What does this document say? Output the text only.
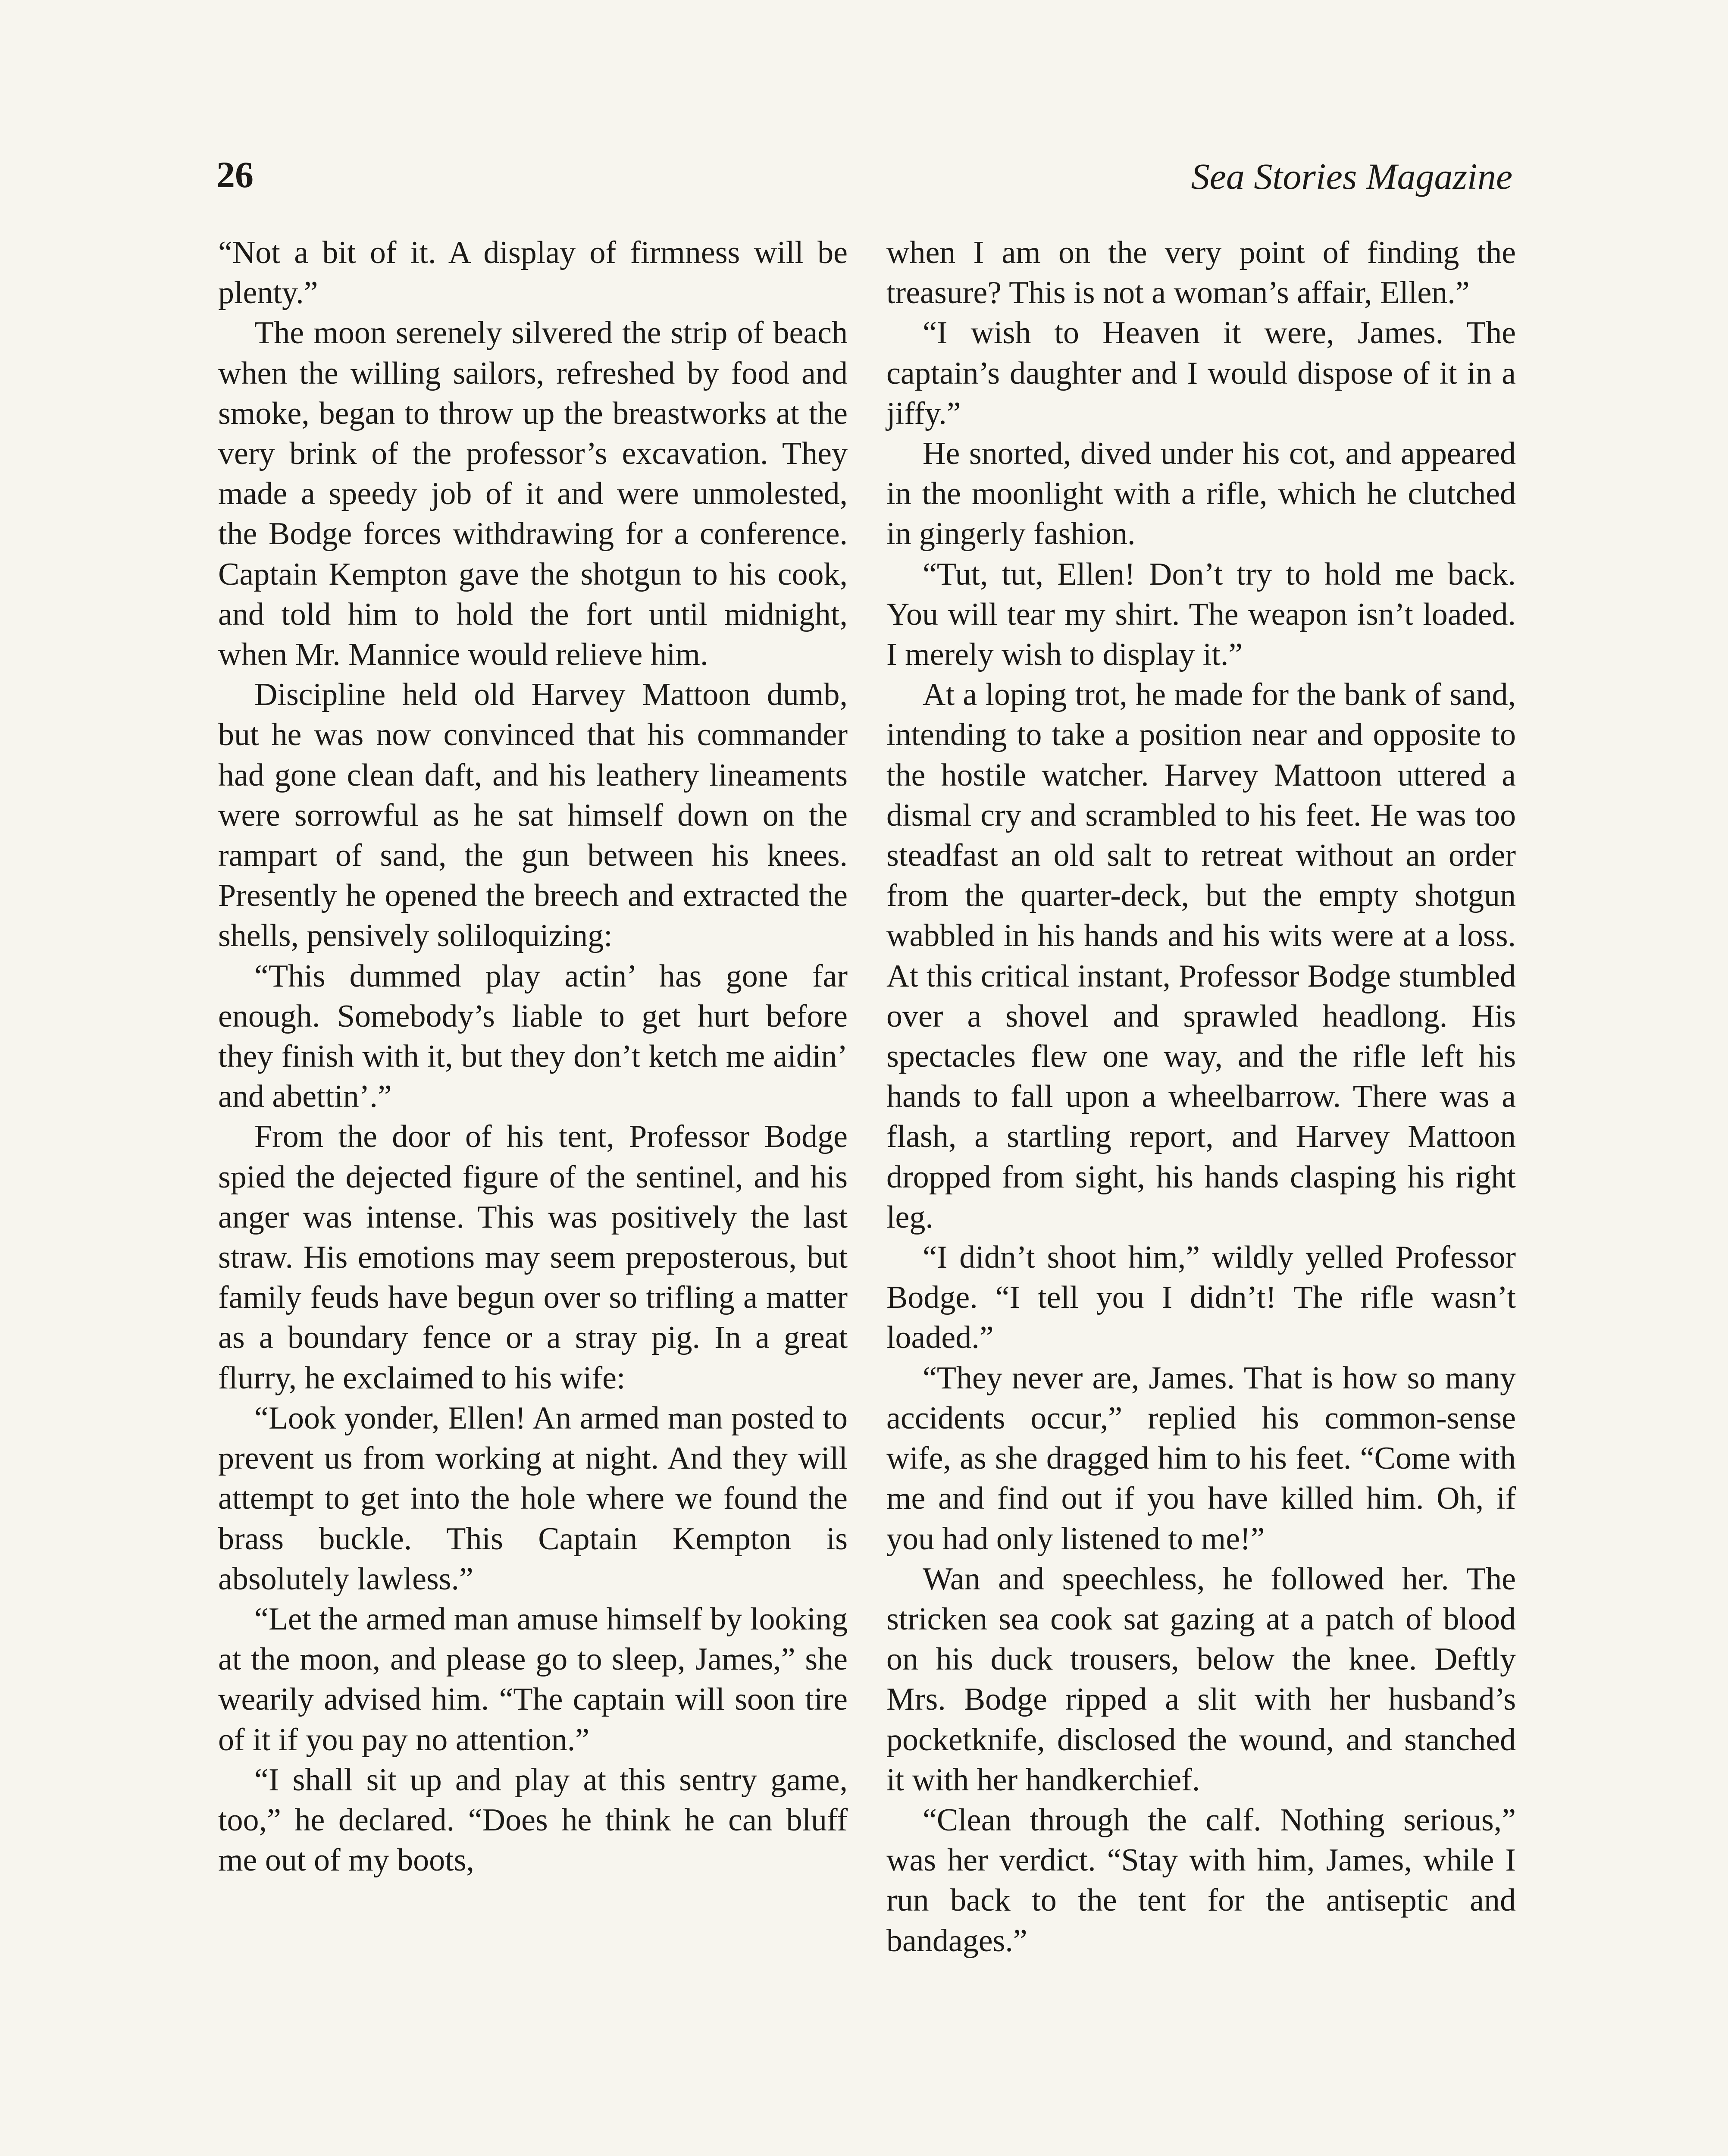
26	Sea Stories Magazine

“Not a bit of it. A display of firmness will be plenty.”

The moon serenely silvered the strip of beach when the willing sailors, refreshed by food and smoke, began to throw up the breastworks at the very brink of the professor’s excavation. They made a speedy job of it and were unmolested, the Bodge forces withdrawing for a conference. Captain Kempton gave the shotgun to his cook, and told him to hold the fort until midnight, when Mr. Mannice would relieve him.

Discipline held old Harvey Mattoon dumb, but he was now convinced that his commander had gone clean daft, and his leathery lineaments were sorrowful as he sat himself down on the rampart of sand, the gun between his knees. Presently he opened the breech and extracted the shells, pensively soliloquizing:

“This dummed play actin’ has gone far enough. Somebody’s liable to get hurt before they finish with it, but they don’t ketch me aidin’ and abettin’.”

From the door of his tent, Professor Bodge spied the dejected figure of the sentinel, and his anger was intense. This was positively the last straw. His emotions may seem preposterous, but family feuds have begun over so trifling a matter as a boundary fence or a stray pig. In a great flurry, he exclaimed to his wife:

“Look yonder, Ellen! An armed man posted to prevent us from working at night. And they will attempt to get into the hole where we found the brass buckle. This Captain Kempton is absolutely lawless.”

“Let the armed man amuse himself by looking at the moon, and please go to sleep, James,” she wearily advised him. “The captain will soon tire of it if you pay no attention.”

“I shall sit up and play at this sentry game, too,” he declared. “Does he think he can bluff me out of my boots,

when I am on the very point of finding the treasure? This is not a woman’s affair, Ellen.”

“I wish to Heaven it were, James. The captain’s daughter and I would dispose of it in a jiffy.”

He snorted, dived under his cot, and appeared in the moonlight with a rifle, which he clutched in gingerly fashion.

“Tut, tut, Ellen! Don’t try to hold me back. You will tear my shirt. The weapon isn’t loaded. I merely wish to display it.”

At a loping trot, he made for the bank of sand, intending to take a position near and opposite to the hostile watcher. Harvey Mattoon uttered a dismal cry and scrambled to his feet. He was too steadfast an old salt to retreat without an order from the quarter-deck, but the empty shotgun wabbled in his hands and his wits were at a loss. At this critical instant, Professor Bodge stumbled over a shovel and sprawled headlong. His spectacles flew one way, and the rifle left his hands to fall upon a wheelbarrow. There was a flash, a startling report, and Harvey Mattoon dropped from sight, his hands clasping his right leg.

“I didn’t shoot him,” wildly yelled Professor Bodge. “I tell you I didn’t! The rifle wasn’t loaded.”

“They never are, James. That is how so many accidents occur,” replied his common-sense wife, as she dragged him to his feet. “Come with me and find out if you have killed him. Oh, if you had only listened to me!”

Wan and speechless, he followed her. The stricken sea cook sat gazing at a patch of blood on his duck trousers, below the knee. Deftly Mrs. Bodge ripped a slit with her husband’s pocketknife, disclosed the wound, and stanched it with her handkerchief.

“Clean through the calf. Nothing serious,” was her verdict. “Stay with him, James, while I run back to the tent for the antiseptic and bandages.”
